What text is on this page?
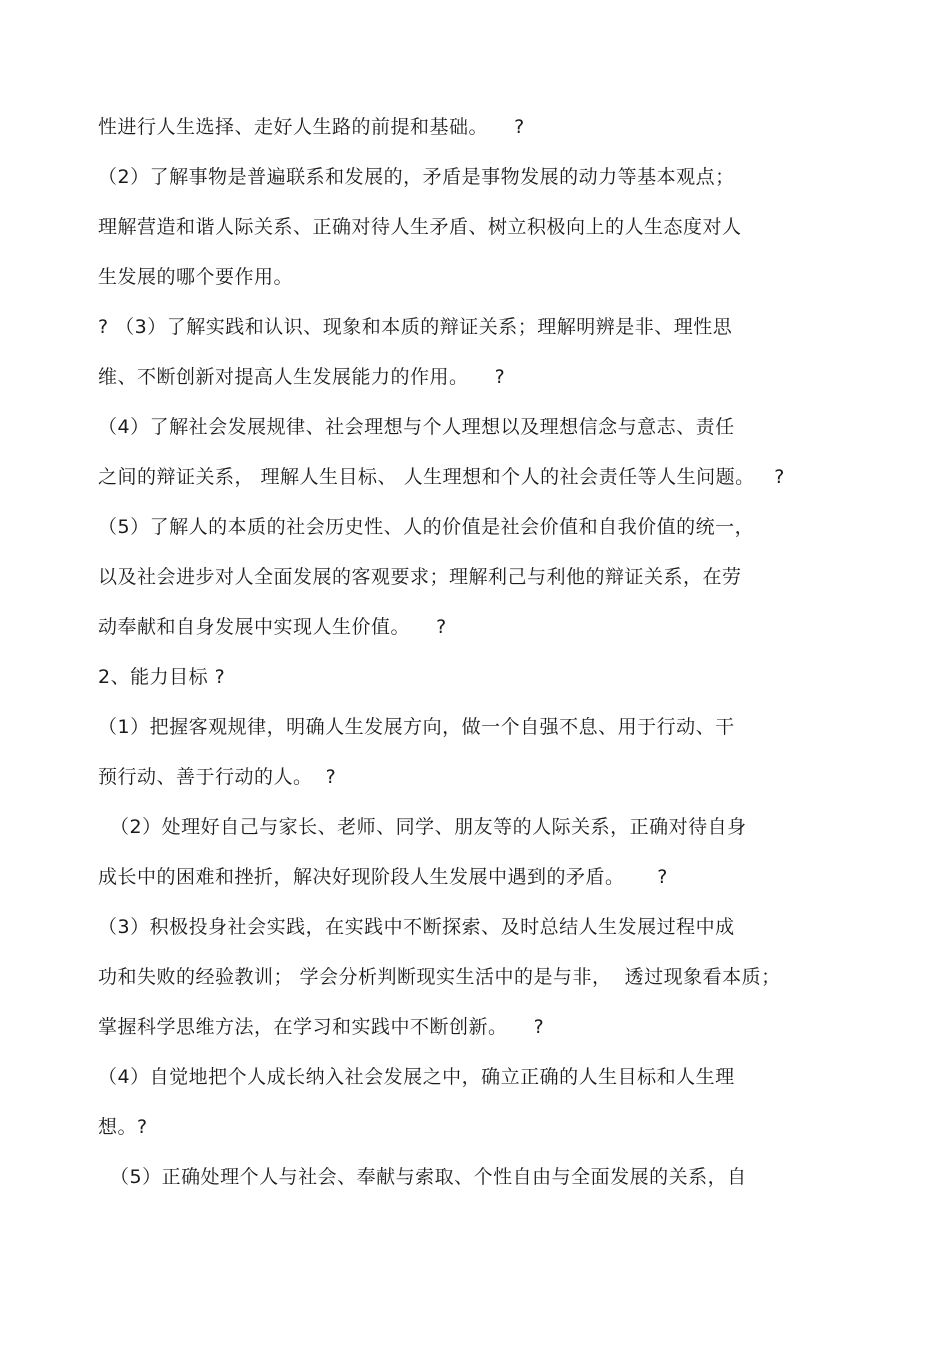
性进行人生选择、走好人生路的前提和基础。    ?
（2）了解事物是普遍联系和发展的，矛盾是事物发展的动力等基本观点；
理解营造和谐人际关系、正确对待人生矛盾、树立积极向上的人生态度对人
生发展的哪个要作用。
? （3）了解实践和认识、现象和本质的辩证关系；理解明辨是非、理性思
维、不断创新对提高人生发展能力的作用。    ?
（4）了解社会发展规律、社会理想与个人理想以及理想信念与意志、责任
之间的辩证关系， 理解人生目标、 人生理想和个人的社会责任等人生问题。   ?
（5）了解人的本质的社会历史性、人的价值是社会价值和自我价值的统一，
以及社会进步对人全面发展的客观要求；理解利己与利他的辩证关系，在劳
动奉献和自身发展中实现人生价值。    ?
2、能力目标 ?
（1）把握客观规律，明确人生发展方向，做一个自强不息、用于行动、干
预行动、善于行动的人。  ?
（2）处理好自己与家长、老师、同学、朋友等的人际关系，正确对待自身
成长中的困难和挫折，解决好现阶段人生发展中遇到的矛盾。     ?
（3）积极投身社会实践，在实践中不断探索、及时总结人生发展过程中成
功和失败的经验教训； 学会分析判断现实生活中的是与非，  透过现象看本质；
掌握科学思维方法，在学习和实践中不断创新。    ?
（4）自觉地把个人成长纳入社会发展之中，确立正确的人生目标和人生理
想。?
（5）正确处理个人与社会、奉献与索取、个性自由与全面发展的关系，自
